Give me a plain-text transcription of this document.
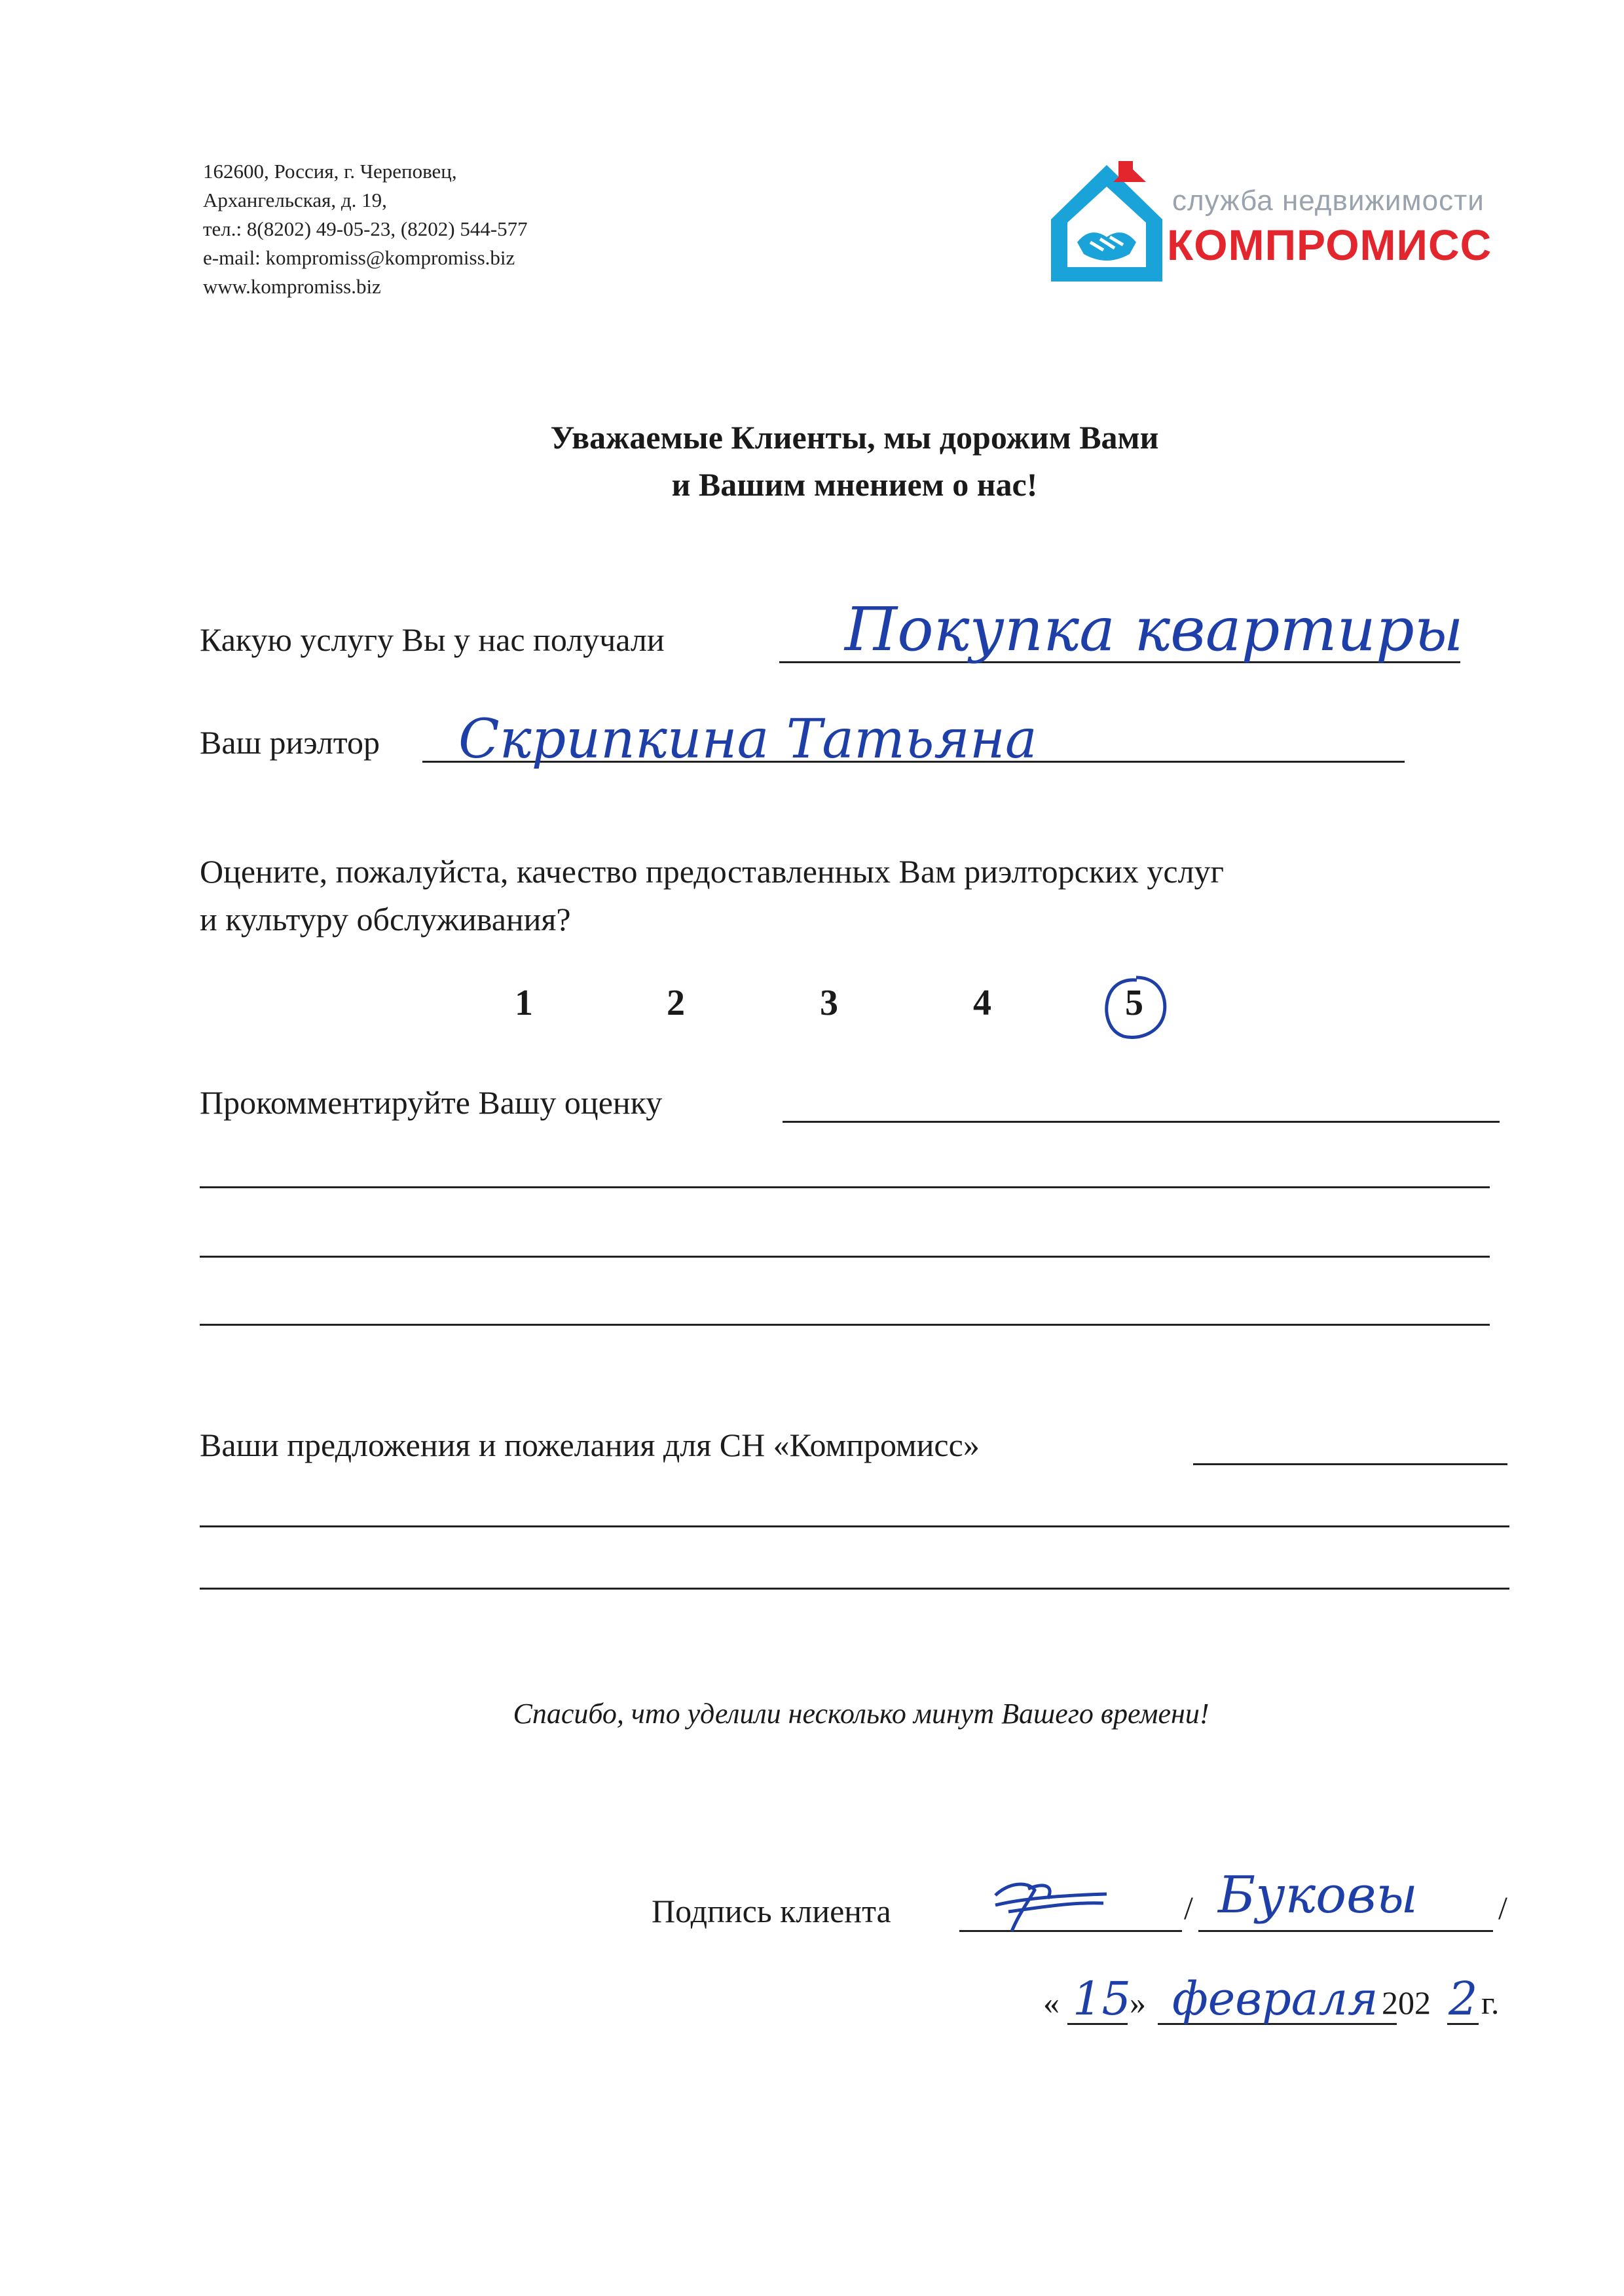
162600, Россия, г. Череповец,
Архангельская, д. 19,
тел.: 8(8202) 49-05-23, (8202) 544-577
e-mail: kompromiss@kompromiss.biz
www.kompromiss.biz
служба недвижимости
КОМПРОМИСС
Уважаемые Клиенты, мы дорожим Вами
и Вашим мнением о нас!
Какую услугу Вы у нас получали	Покупка квартиры
Ваш риэлтор Скрипкина Татьяна
Оцените, пожалуйста, качество предоставленных Вам риэлторских услуг
и культуру обслуживания?
1	2	3	4	5
Прокомментируйте Вашу оценку
Ваши предложения и пожелания для СН «Компромисс»
Спасибо, что уделили несколько минут Вашего времени!
Подпись клиента	/ Буковы /
« 15
» февраля 202 2 г.
